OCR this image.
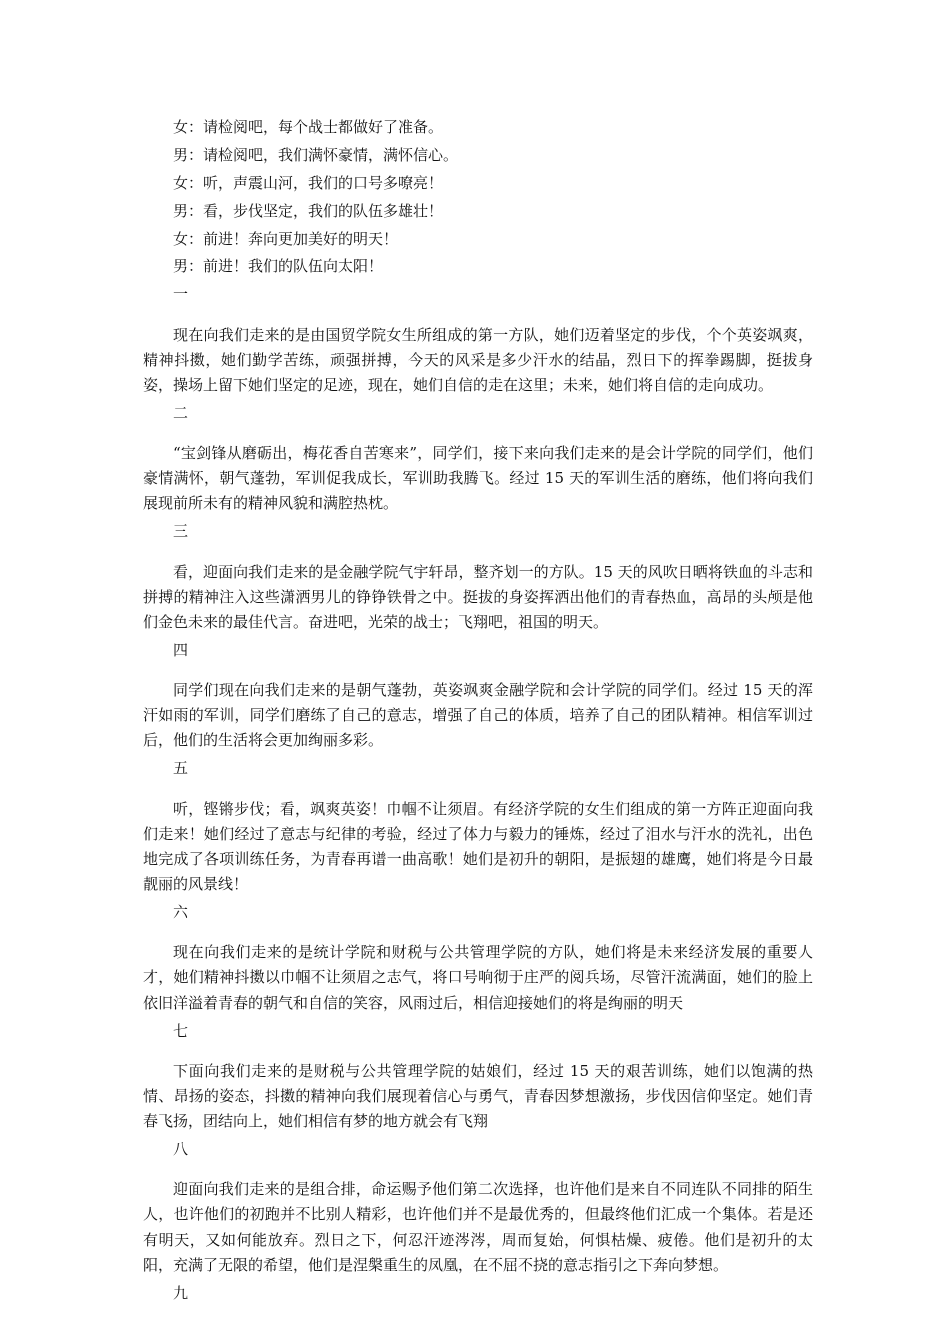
女：请检阅吧，每个战士都做好了准备。
男：请检阅吧，我们满怀豪情，满怀信心。
女：听，声震山河，我们的口号多嘹亮！
男：看，步伐坚定，我们的队伍多雄壮！
女：前进！奔向更加美好的明天！
男：前进！我们的队伍向太阳！
一

现在向我们走来的是由国贸学院女生所组成的第一方队，她们迈着坚定的步伐，个个英姿飒爽，精神抖擞，她们勤学苦练，顽强拼搏，今天的风采是多少汗水的结晶，烈日下的挥拳踢脚，挺拔身姿，操场上留下她们坚定的足迹，现在，她们自信的走在这里；未来，她们将自信的走向成功。

二

“宝剑锋从磨砺出，梅花香自苦寒来”，同学们，接下来向我们走来的是会计学院的同学们，他们豪情满怀，朝气蓬勃，军训促我成长，军训助我腾飞。经过 15 天的军训生活的磨练，他们将向我们展现前所未有的精神风貌和满腔热枕。

三

看，迎面向我们走来的是金融学院气宇轩昂，整齐划一的方队。15 天的风吹日晒将铁血的斗志和拼搏的精神注入这些潇洒男儿的铮铮铁骨之中。挺拔的身姿挥洒出他们的青春热血，高昂的头颅是他们金色未来的最佳代言。奋进吧，光荣的战士；飞翔吧，祖国的明天。

四

同学们现在向我们走来的是朝气蓬勃，英姿飒爽金融学院和会计学院的同学们。经过 15 天的浑汗如雨的军训，同学们磨练了自己的意志，增强了自己的体质，培养了自己的团队精神。相信军训过后，他们的生活将会更加绚丽多彩。

五

听，铿锵步伐；看，飒爽英姿！巾帼不让须眉。有经济学院的女生们组成的第一方阵正迎面向我们走来！她们经过了意志与纪律的考验，经过了体力与毅力的锤炼，经过了泪水与汗水的洗礼，出色地完成了各项训练任务，为青春再谱一曲高歌！她们是初升的朝阳，是振翅的雄鹰，她们将是今日最靓丽的风景线！

六

现在向我们走来的是统计学院和财税与公共管理学院的方队，她们将是未来经济发展的重要人才，她们精神抖擞以巾帼不让须眉之志气，将口号响彻于庄严的阅兵场，尽管汗流满面，她们的脸上依旧洋溢着青春的朝气和自信的笑容，风雨过后，相信迎接她们的将是绚丽的明天

七

下面向我们走来的是财税与公共管理学院的姑娘们，经过 15 天的艰苦训练，她们以饱满的热情、昂扬的姿态，抖擞的精神向我们展现着信心与勇气，青春因梦想激扬，步伐因信仰坚定。她们青春飞扬，团结向上，她们相信有梦的地方就会有飞翔

八

迎面向我们走来的是组合排，命运赐予他们第二次选择，也许他们是来自不同连队不同排的陌生人，也许他们的初跑并不比别人精彩，也许他们并不是最优秀的，但最终他们汇成一个集体。若是还有明天，又如何能放弃。烈日之下，何忍汗迹涔涔，周而复始，何惧枯燥、疲倦。他们是初升的太阳，充满了无限的希望，他们是涅槃重生的凤凰，在不屈不挠的意志指引之下奔向梦想。

九
